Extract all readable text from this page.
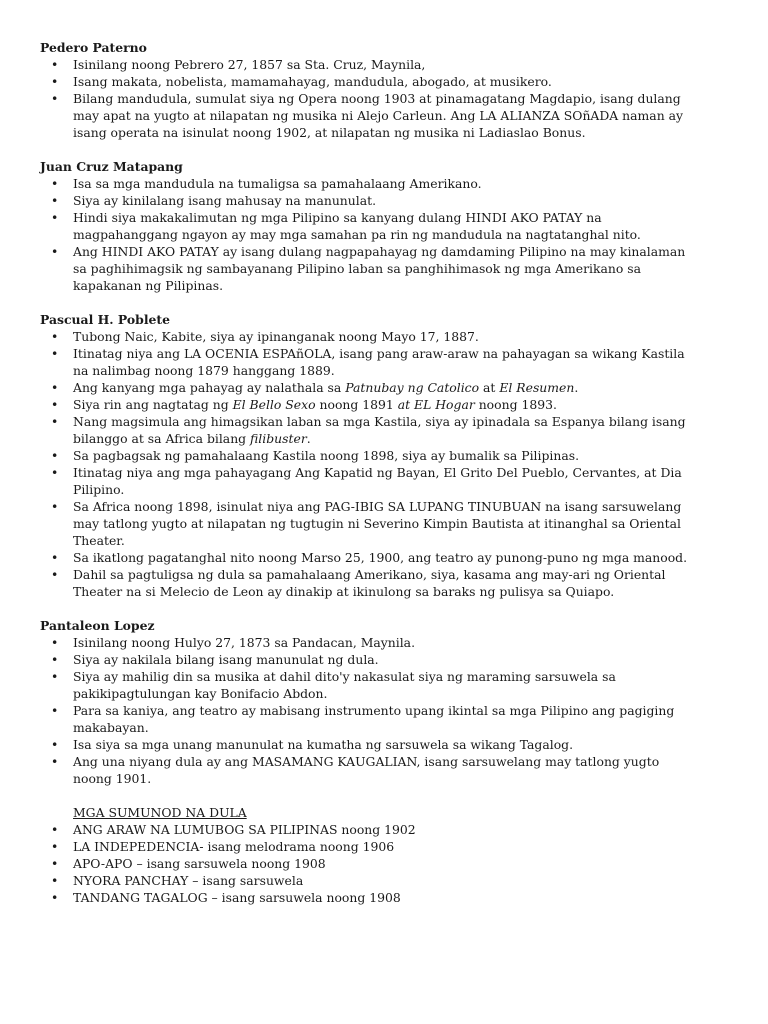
Pedero Paterno
• Isinilang noong Pebrero 27, 1857 sa Sta. Cruz, Maynila,
• Isang makata, nobelista, mamamahayag, mandudula, abogado, at musikero.
• Bilang mandudula, sumulat siya ng Opera noong 1903 at pinamagatang Magdapio, isang dulang may apat na yugto at nilapatan ng musika ni Alejo Carleun. Ang LA ALIANZA SOñADA naman ay isang operata na isinulat noong 1902, at nilapatan ng musika ni Ladiaslao Bonus.
Juan Cruz Matapang
• Isa sa mga mandudula na tumaligsa sa pamahalaang Amerikano.
• Siya ay kinilalang isang mahusay na manunulat.
• Hindi siya makakalimutan ng mga Pilipino sa kanyang dulang HINDI AKO PATAY na magpahanggang ngayon ay may mga samahan pa rin ng mandudula na nagtatanghal nito.
• Ang HINDI AKO PATAY ay isang dulang nagpapahayag ng damdaming Pilipino na may kinalaman sa paghihimagsik ng sambayanang Pilipino laban sa panghihimasok ng mga Amerikano sa kapakanan ng Pilipinas.
Pascual H. Poblete
• Tubong Naic, Kabite, siya ay ipinanganak noong Mayo 17, 1887.
• Itinatag niya ang LA OCENIA ESPAñOLA, isang pang araw-araw na pahayagan sa wikang Kastila na nalimbag noong 1879 hanggang 1889.
• Ang kanyang mga pahayag ay nalathala sa Patnubay ng Catolico at El Resumen.
• Siya rin ang nagtatag ng El Bello Sexo noong 1891 at EL Hogar noong 1893.
• Nang magsimula ang himagsikan laban sa mga Kastila, siya ay ipinadala sa Espanya bilang isang bilanggo at sa Africa bilang filibuster.
• Sa pagbagsak ng pamahalaang Kastila noong 1898, siya ay bumalik sa Pilipinas.
• Itinatag niya ang mga pahayagang Ang Kapatid ng Bayan, El Grito Del Pueblo, Cervantes, at Dia Pilipino.
• Sa Africa noong 1898, isinulat niya ang PAG-IBIG SA LUPANG TINUBUAN na isang sarsuwelang may tatlong yugto at nilapatan ng tugtugin ni Severino Kimpin Bautista at itinanghal sa Oriental Theater.
• Sa ikatlong pagatanghal nito noong Marso 25, 1900, ang teatro ay punong-puno ng mga manood.
• Dahil sa pagtuligsa ng dula sa pamahalaang Amerikano, siya, kasama ang may-ari ng Oriental Theater na si Melecio de Leon ay dinakip at ikinulong sa baraks ng pulisya sa Quiapo.
Pantaleon Lopez
• Isinilang noong Hulyo 27, 1873 sa Pandacan, Maynila.
• Siya ay nakilala bilang isang manunulat ng dula.
• Siya ay mahilig din sa musika at dahil dito'y nakasulat siya ng maraming sarsuwela sa pakikipagtulungan kay Bonifacio Abdon.
• Para sa kaniya, ang teatro ay mabisang instrumento upang ikintal sa mga Pilipino ang pagiging makabayan.
• Isa siya sa mga unang manunulat na kumatha ng sarsuwela sa wikang Tagalog.
• Ang una niyang dula ay ang MASAMANG KAUGALIAN, isang sarsuwelang may tatlong yugto noong 1901.
MGA SUMUNOD NA DULA
• ANG ARAW NA LUMUBOG SA PILIPINAS noong 1902
• LA INDEPEDENCIA- isang melodrama noong 1906
• APO-APO – isang sarsuwela noong 1908
• NYORA PANCHAY – isang sarsuwela
• TANDANG TAGALOG – isang sarsuwela noong 1908
